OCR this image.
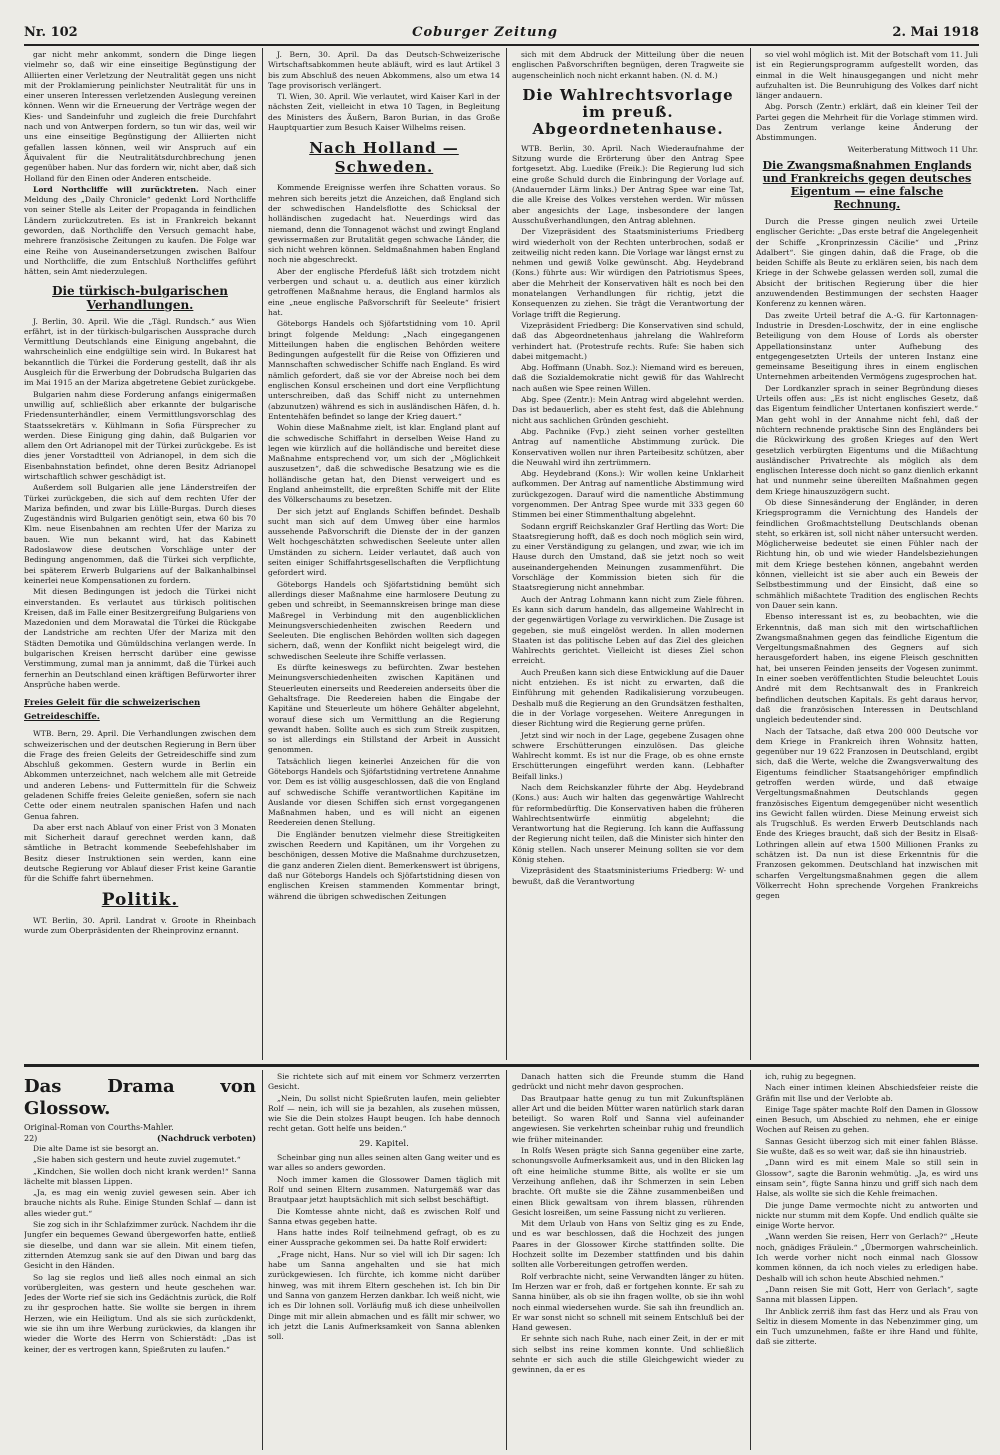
Nr. 102	Coburger Zeitung	2. Mai 1918

gar nicht mehr ankommt, sondern die Dinge liegen vielmehr so, daß wir eine einseitige Begünstigung der Alliierten einer Verletzung der Neutralität gegen uns nicht mit der Proklamierung peinlichster Neutralität für uns in einer unseren Interessen verletzenden Auslegung vereinen können. Wenn wir die Erneuerung der Verträge wegen der Kies- und Sandeinfuhr und zugleich die freie Durchfahrt nach und von Antwerpen fordern, so tun wir das, weil wir uns eine einseitige Begünstigung der Alliierten nicht gefallen lassen können, weil wir Anspruch auf ein Äquivalent für die Neutralitätsdurchbrechung jenen gegenüber haben. Nur das fordern wir, nicht aber, daß sich Holland für den Einen oder Anderen entscheide.

Lord Northcliffe will zurücktreten. Nach einer Meldung des „Daily Chronicle“ gedenkt Lord Northcliffe von seiner Stelle als Leiter der Propaganda in feindlichen Ländern zurückzutreten. Es ist in Frankreich bekannt geworden, daß Northcliffe den Versuch gemacht habe, mehrere französische Zeitungen zu kaufen. Die Folge war eine Reihe von Auseinandersetzungen zwischen Balfour und Northcliffe, die zum Entschluß Northcliffes geführt hätten, sein Amt niederzulegen.

Die türkisch-bulgarischen Verhandlungen.

J. Berlin, 30. April. Wie die „Tägl. Rundsch.“ aus Wien erfährt, ist in der türkisch-bulgarischen Aussprache durch Vermittlung Deutschlands eine Einigung angebahnt, die wahrscheinlich eine endgültige sein wird. In Bukarest hat bekanntlich die Türkei die Forderung gestellt, daß ihr als Ausgleich für die Erwerbung der Dobrudscha Bulgarien das im Mai 1915 an der Mariza abgetretene Gebiet zurückgebe.

Bulgarien nahm diese Forderung anfangs einigermaßen unwillig auf, schließlich aber erkannte der bulgarische Friedensunterhändler, einem Vermittlungsvorschlag des Staatssekretärs v. Kühlmann in Sofia Fürsprecher zu werden. Diese Einigung ging dahin, daß Bulgarien vor allem den Ort Adrianopel mit der Türkei zurückgebe. Es ist dies jener Vorstadtteil von Adrianopel, in dem sich die Eisenbahnstation befindet, ohne deren Besitz Adrianopel wirtschaftlich schwer geschädigt ist.

Außerdem soll Bulgarien alle jene Länderstreifen der Türkei zurückgeben, die sich auf dem rechten Ufer der Mariza befinden, und zwar bis Lülle-Burgas. Durch dieses Zugeständnis wird Bulgarien genötigt sein, etwa 60 bis 70 Klm. neue Eisenbahnen am rechten Ufer der Mariza zu bauen. Wie nun bekannt wird, hat das Kabinett Radoslawow diese deutschen Vorschläge unter der Bedingung angenommen, daß die Türkei sich verpflichte, bei späterem Erwerb Bulgariens auf der Balkanhalbinsel keinerlei neue Kompensationen zu fordern.

Mit diesen Bedingungen ist jedoch die Türkei nicht einverstanden. Es verlautet aus türkisch politischen Kreisen, daß im Falle einer Besitzergreifung Bulgariens von Mazedonien und dem Morawatal die Türkei die Rückgabe der Landstriche am rechten Ufer der Mariza mit den Städten Demotika und Gümüldschina verlangen werde. In bulgarischen Kreisen herrscht darüber eine gewisse Verstimmung, zumal man ja annimmt, daß die Türkei auch fernerhin an Deutschland einen kräftigen Befürworter ihrer Ansprüche haben werde.

Freies Geleit für die schweizerischen Getreideschiffe.

WTB. Bern, 29. April. Die Verhandlungen zwischen dem schweizerischen und der deutschen Regierung in Bern über die Frage des freien Geleits der Getreideschiffe sind zum Abschluß gekommen. Gestern wurde in Berlin ein Abkommen unterzeichnet, nach welchem alle mit Getreide und anderen Lebens- und Futtermitteln für die Schweiz geladenen Schiffe freies Geleite genießen, sofern sie nach Cette oder einem neutralen spanischen Hafen und nach Genua fahren.

Da aber erst nach Ablauf von einer Frist von 3 Monaten mit Sicherheit darauf gerechnet werden kann, daß sämtliche in Betracht kommende Seebefehlshaber im Besitz dieser Instruktionen sein werden, kann eine deutsche Regierung vor Ablauf dieser Frist keine Garantie für die Schiffe fahrt übernehmen.

Politik.

WT. Berlin, 30. April. Landrat v. Groote in Rheinbach wurde zum Oberpräsidenten der Rheinprovinz ernannt.

J. Bern, 30. April. Da das Deutsch-Schweizerische Wirtschaftsabkommen heute abläuft, wird es laut Artikel 3 bis zum Abschluß des neuen Abkommens, also um etwa 14 Tage provisorisch verlängert.

Tl. Wien, 30. April. Wie verlautet, wird Kaiser Karl in der nächsten Zeit, vielleicht in etwa 10 Tagen, in Begleitung des Ministers des Äußern, Baron Burian, in das Große Hauptquartier zum Besuch Kaiser Wilhelms reisen.

Nach Holland — Schweden.

Kommende Ereignisse werfen ihre Schatten voraus. So mehren sich bereits jetzt die Anzeichen, daß England sich der schwedischen Handelsflotte des Schicksal der holländischen zugedacht hat. Neuerdings wird das niemand, denn die Tonnagenot wächst und zwingt England gewissermaßen zur Brutalität gegen schwache Länder, die sich nicht wehren können. Seldmaßnahmen haben England noch nie abgeschreckt.

Aber der englische Pferdefuß läßt sich trotzdem nicht verbergen und schaut u. a. deutlich aus einer kürzlich getroffenen Maßnahme heraus, die England harmlos als eine „neue englische Paßvorschrift für Seeleute“ frisiert hat.

Göteborgs Handels och Sjöfartstidning vom 10. April bringt folgende Meldung: „Nach eingegangenen Mitteilungen haben die englischen Behörden weitere Bedingungen aufgestellt für die Reise von Offizieren und Mannschaften schwedischer Schiffe nach England. Es wird nämlich gefordert, daß sie vor der Abreise noch bei dem englischen Konsul erscheinen und dort eine Verpflichtung unterschreiben, daß das Schiff nicht zu unternehmen (abzunutzen) während es sich in ausländischen Häfen, d. h. Ententehäfen befindet so lange der Krieg dauert.“

Wohin diese Maßnahme zielt, ist klar. England plant auf die schwedische Schiffahrt in derselben Weise Hand zu legen wie kürzlich auf die holländische und bereitet diese Maßnahme entsprechend vor, um sich der „Möglichkeit auszusetzen“, daß die schwedische Besatzung wie es die holländische getan hat, den Dienst verweigert und es England anheimstellt, die erpreßten Schiffe mit der Elite des Völkerschaums zu besetzen.

Der sich jetzt auf Englands Schiffen befindet. Deshalb sucht man sich auf dem Umweg über eine harmlos aussehende Paßvorschrift die Dienste der in der ganzen Welt hochgeschätzten schwedischen Seeleute unter allen Umständen zu sichern. Leider verlautet, daß auch von seiten einiger Schiffahrtsgesellschaften die Verpflichtung gefordert wird.

Göteborgs Handels och Sjöfartstidning bemüht sich allerdings dieser Maßnahme eine harmlosere Deutung zu geben und schreibt, in Seemannskreisen bringe man diese Maßregel in Verbindung mit den augenblicklichen Meinungsverschiedenheiten zwischen Reedern und Seeleuten. Die englischen Behörden wollten sich dagegen sichern, daß, wenn der Konflikt nicht beigelegt wird, die schwedischen Seeleute ihre Schiffe verlassen.

Es dürfte keineswegs zu befürchten. Zwar bestehen Meinungsverschiedenheiten zwischen Kapitänen und Steuerleuten einerseits und Reedereien anderseits über die Gehaltsfrage. Die Reedereien haben die Eingabe der Kapitäne und Steuerleute um höhere Gehälter abgelehnt, worauf diese sich um Vermittlung an die Regierung gewandt haben. Sollte auch es sich zum Streik zuspitzen, so ist allerdings ein Stillstand der Arbeit in Aussicht genommen.

Tatsächlich liegen keinerlei Anzeichen für die von Göteborgs Handels och Sjöfartstidning vertretene Annahme vor. Dem es ist völlig ausgeschlossen, daß die von England auf schwedische Schiffe verantwortlichen Kapitäne im Auslande vor diesen Schiffen sich ernst vorgegangenen Maßnahmen haben, und es will nicht an eigenen Reedereien denen Stellung.

Die Engländer benutzen vielmehr diese Streitigkeiten zwischen Reedern und Kapitänen, um ihr Vorgehen zu beschönigen, dessen Motive die Maßnahme durchzusetzen, die ganz anderen Zielen dient. Bemerkenswert ist übrigens, daß nur Göteborgs Handels och Sjöfartstidning diesen von englischen Kreisen stammenden Kommentar bringt, während die übrigen schwedischen Zeitungen

sich mit dem Abdruck der Mitteilung über die neuen englischen Paßvorschriften begnügen, deren Tragweite sie augenscheinlich noch nicht erkannt haben. (N. d. M.)

Die Wahlrechtsvorlage im preuß. Abgeordnetenhause.

WTB. Berlin, 30. April. Nach Wiederaufnahme der Sitzung wurde die Erörterung über den Antrag Spee fortgesetzt. Abg. Luedike (Freik.): Die Regierung lud sich eine große Schuld durch die Einbringung der Vorlage auf. (Andauernder Lärm links.) Der Antrag Spee war eine Tat, die alle Kreise des Volkes verstehen werden. Wir müssen aber angesichts der Lage, insbesondere der langen Ausschußverhandlungen, den Antrag ablehnen.

Der Vizepräsident des Staatsministeriums Friedberg wird wiederholt von der Rechten unterbrochen, sodaß er zeitweilig nicht reden kann. Die Vorlage war längst ernst zu nehmen und gewiß Volke gewünscht. Abg. Heydebrand (Kons.) führte aus: Wir würdigen den Patriotismus Spees, aber die Mehrheit der Konservativen hält es noch bei den monatelangen Verhandlungen für richtig, jetzt die Konsequenzen zu ziehen. Sie trägt die Verantwortung der Vorlage trifft die Regierung.

Vizepräsident Friedberg: Die Konservativen sind schuld, daß das Abgeordnetenhaus jahrelang die Wahlreform verhindert hat. (Protestrufe rechts. Rufe: Sie haben sich dabei mitgemacht.)

Abg. Hoffmann (Unabh. Soz.): Niemand wird es bereuen, daß die Sozialdemokratie nicht gewiß für das Wahlrecht nach außen wie Spee reinen Willen.

Abg. Spee (Zentr.): Mein Antrag wird abgelehnt werden. Das ist bedauerlich, aber es steht fest, daß die Ablehnung nicht aus sachlichen Gründen geschieht.

Abg. Pachnike (Fvp.) zieht seinen vorher gestellten Antrag auf namentliche Abstimmung zurück. Die Konservativen wollen nur ihren Parteibesitz schützen, aber die Neuwahl wird ihn zertrümmern.

Abg. Heydebrand (Kons.): Wir wollen keine Unklarheit aufkommen. Der Antrag auf namentliche Abstimmung wird zurückgezogen. Darauf wird die namentliche Abstimmung vorgenommen. Der Antrag Spee wurde mit 333 gegen 60 Stimmen bei einer Stimmenthaltung abgelehnt.

Sodann ergriff Reichskanzler Graf Hertling das Wort: Die Staatsregierung hofft, daß es doch noch möglich sein wird, zu einer Verständigung zu gelangen, und zwar, wie ich im Hause durch den Umstand, daß sie jetzt noch so weit auseinandergehenden Meinungen zusammenführt. Die Vorschläge der Kommission bieten sich für die Staatsregierung nicht annehmbar.

Auch der Antrag Lohmann kann nicht zum Ziele führen. Es kann sich darum handeln, das allgemeine Wahlrecht in der gegenwärtigen Vorlage zu verwirklichen. Die Zusage ist gegeben, sie muß eingelöst werden. In allen modernen Staaten ist das politische Leben auf das Ziel des gleichen Wahlrechts gerichtet. Vielleicht ist dieses Ziel schon erreicht.

Auch Preußen kann sich diese Entwicklung auf die Dauer nicht entziehen. Es ist nicht zu erwarten, daß die Einführung mit gehenden Radikalisierung vorzubeugen. Deshalb muß die Regierung an den Grundsätzen festhalten, die in der Vorlage vorgesehen. Weitere Anregungen in dieser Richtung wird die Regierung gerne prüfen.

Jetzt sind wir noch in der Lage, gegebene Zusagen ohne schwere Erschütterungen einzulösen. Das gleiche Wahlrecht kommt. Es ist nur die Frage, ob es ohne ernste Erschütterungen eingeführt werden kann. (Lebhafter Beifall links.)

Nach dem Reichskanzler führte der Abg. Heydebrand (Kons.) aus: Auch wir halten das gegenwärtige Wahlrecht für reformbedürftig. Die Konservativen haben die früheren Wahlrechtsentwürfe einmütig abgelehnt; die Verantwortung hat die Regierung. Ich kann die Auffassung der Regierung nicht teilen, daß die Minister sich hinter den König stellen. Nach unserer Meinung sollten sie vor dem König stehen.

Vizepräsident des Staatsministeriums Friedberg: W- und bewußt, daß die Verantwortung

so viel wohl möglich ist. Mit der Botschaft vom 11. Juli ist ein Regierungsprogramm aufgestellt worden, das einmal in die Welt hinausgegangen und nicht mehr aufzuhalten ist. Die Beunruhigung des Volkes darf nicht länger andauern.

Abg. Porsch (Zentr.) erklärt, daß ein kleiner Teil der Partei gegen die Mehrheit für die Vorlage stimmen wird. Das Zentrum verlange keine Änderung der Abstimmungen.

Weiterberatung Mittwoch 11 Uhr.

Die Zwangsmaßnahmen Englands und Frankreichs gegen deutsches Eigentum — eine falsche Rechnung.

Durch die Presse gingen neulich zwei Urteile englischer Gerichte: „Das erste betraf die Angelegenheit der Schiffe „Kronprinzessin Cäcilie“ und „Prinz Adalbert“. Sie gingen dahin, daß die Frage, ob die beiden Schiffe als Beute zu erklären seien, bis nach dem Kriege in der Schwebe gelassen werden soll, zumal die Absicht der britischen Regierung über die hier anzuwendenden Bestimmungen der sechsten Haager Konferenz zu kennen wären.

Das zweite Urteil betraf die A.-G. für Kartonnagen-Industrie in Dresden-Loschwitz, der in eine englische Beteiligung von dem House of Lords als oberster Appellationsinstanz unter Aufhebung des entgegengesetzten Urteils der unteren Instanz eine gemeinsame Beseitigung ihres in einem englischen Unternehmen arbeitenden Vermögens zugesprochen hat.

Der Lordkanzler sprach in seiner Begründung dieses Urteils offen aus: „Es ist nicht englisches Gesetz, daß das Eigentum feindlicher Untertanen konfisziert werde.“ Man geht wohl in der Annahme nicht fehl, daß der nüchtern rechnende praktische Sinn des Engländers bei die Rückwirkung des großen Krieges auf den Wert gesetzlich verbürgten Eigentums und die Mißachtung ausländischer Privatrechte als möglich als dem englischen Interesse doch nicht so ganz dienlich erkannt hat und nunmehr seine übereilten Maßnahmen gegen dem Kriege hinauszuzögern sucht.

Ob diese Sinnesänderung der Engländer, in deren Kriegsprogramm die Vernichtung des Handels der feindlichen Großmachtstellung Deutschlands obenan steht, so erkären ist, soll nicht näher untersucht werden. Möglicherweise bedeutet sie einen Fühler nach der Richtung hin, ob und wie wieder Handelsbeziehungen mit dem Kriege bestehen können, angebahnt werden können, vielleicht ist sie aber auch ein Beweis der Selbstbestimmung und der Einsicht, daß eine so schmählich mißachtete Tradition des englischen Rechts von Dauer sein kann.

Ebenso interessant ist es, zu beobachten, wie die Erkenntnis, daß man sich mit den wirtschaftlichen Zwangsmaßnahmen gegen das feindliche Eigentum die Vergeltungsmaßnahmen des Gegners auf sich herausgefordert haben, ins eigene Fleisch geschnitten hat, bei unseren Feinden jenseits der Vogesen zunimmt. In einer soeben veröffentlichten Studie beleuchtet Louis André mit dem Rechtsanwalt des in Frankreich befindlichen deutschen Kapitals. Es geht daraus hervor, daß die französischen Interessen in Deutschland ungleich bedeutender sind.

Nach der Tatsache, daß etwa 200 000 Deutsche vor dem Kriege in Frankreich ihren Wohnsitz hatten, gegenüber nur 19 622 Franzosen in Deutschland, ergibt sich, daß die Werte, welche die Zwangsverwaltung des Eigentums feindlicher Staatsangehöriger empfindlich getroffen werden würde, und daß etwaige Vergeltungsmaßnahmen Deutschlands gegen französisches Eigentum demgegenüber nicht wesentlich ins Gewicht fallen würden. Diese Meinung erweist sich als Trugschluß. Es werden Erwerb Deutschlands nach Ende des Krieges braucht, daß sich der Besitz in Elsaß-Lothringen allein auf etwa 1500 Millionen Franks zu schätzen ist. Da nun ist diese Erkenntnis für die Franzosen gekommen. Deutschland hat inzwischen mit scharfen Vergeltungsmaßnahmen gegen die allem Völkerrecht Hohn sprechende Vorgehen Frankreichs gegen

Das Drama von Glossow.
Original-Roman von Courths-Mahler.
22)	(Nachdruck verboten)

Die alte Dame ist sie besorgt an.

„Sie haben sich gestern und heute zuviel zugemutet.“

„Kindchen, Sie wollen doch nicht krank werden!“ Sanna lächelte mit blassen Lippen.

„Ja, es mag ein wenig zuviel gewesen sein. Aber ich brauche nichts als Ruhe. Einige Stunden Schlaf — dann ist alles wieder gut.“

Sie zog sich in ihr Schlafzimmer zurück. Nachdem ihr die Jungfer ein bequemes Gewand übergeworfen hatte, entließ sie dieselbe, und dann war sie allein. Mit einem tiefen, zitternden Atemzug sank sie auf den Diwan und barg das Gesicht in den Händen.

So lag sie reglos und ließ alles noch einmal an sich vorübergleiten, was gestern und heute geschehen war. Jedes der Worte rief sie sich ins Gedächtnis zurück, die Rolf zu ihr gesprochen hatte. Sie wollte sie bergen in ihrem Herzen, wie ein Heiligtum. Und als sie sich zurückdenkt, wie sie ihn um ihre Werbung zurückwies, da klangen ihr wieder die Worte des Herrn von Schierstädt: „Das ist keiner, der es vertrogen kann, Spießruten zu laufen.“

Sie richtete sich auf mit einem vor Schmerz verzerrten Gesicht.

„Nein, Du sollst nicht Spießruten laufen, mein geliebter Rolf — nein, ich will sie ja bezahlen, als zusehen müssen, wie Sie die Dein stolzes Haupt beugen. Ich habe dennoch recht getan. Gott helfe uns beiden.“

29. Kapitel.

Scheinbar ging nun alles seinen alten Gang weiter und es war alles so anders geworden.

Noch immer kamen die Glossower Damen täglich mit Rolf und seinen Eltern zusammen. Naturgemäß war das Brautpaar jetzt hauptsächlich mit sich selbst beschäftigt.

Die Komtesse ahnte nicht, daß es zwischen Rolf und Sanna etwas gegeben hatte.

Hans hatte indes Rolf teilnehmend gefragt, ob es zu einer Aussprache gekommen sei. Da hatte Rolf erwidert:

„Frage nicht, Hans. Nur so viel will ich Dir sagen: Ich habe um Sanna angehalten und sie hat mich zurückgewiesen. Ich fürchte, ich komme nicht darüber hinweg, was mit ihrem Eltern geschehen ist. Ich bin Dir und Sanna von ganzem Herzen dankbar. Ich weiß nicht, wie ich es Dir lohnen soll. Vorläufig muß ich diese unheilvollen Dinge mit mir allein abmachen und es fällt mir schwer, wo ich jetzt die Lanis Aufmerksamkeit von Sanna ablenken soll.

Danach hatten sich die Freunde stumm die Hand gedrückt und nicht mehr davon gesprochen.

Das Brautpaar hatte genug zu tun mit Zukunftsplänen aller Art und die beiden Mütter waren natürlich stark daran beteiligt. So waren Rolf und Sanna viel aufeinander angewiesen. Sie verkehrten scheinbar ruhig und freundlich wie früher miteinander.

In Rolfs Wesen prägte sich Sanna gegenüber eine zarte, schonungsvolle Aufmerksamkeit aus, und in den Blicken lag oft eine heimliche stumme Bitte, als wollte er sie um Verzeihung anflehen, daß ihr Schmerzen in sein Leben brachte. Oft mußte sie die Zähne zusammenbeißen und einen Blick gewaltsam von ihrem blassen, rührenden Gesicht losreißen, um seine Fassung nicht zu verlieren.

Mit dem Urlaub von Hans von Seltiz ging es zu Ende, und es war beschlossen, daß die Hochzeit des jungen Paares in der Glossower Kirche stattfinden sollte. Die Hochzeit sollte im Dezember stattfinden und bis dahin sollten alle Vorbereitungen getroffen werden.

Rolf verbrachte nicht, seine Verwandten länger zu hüten. Im Herzen war er froh, daß er fortgehen konnte. Er sah zu Sanna hinüber, als ob sie ihn fragen wollte, ob sie ihn wohl noch einmal wiedersehen wurde. Sie sah ihn freundlich an. Er war sonst nicht so schnell mit seinem Entschluß bei der Hand gewesen.

Er sehnte sich nach Ruhe, nach einer Zeit, in der er mit sich selbst ins reine kommen konnte. Und schließlich sehnte er sich auch die stille Gleichgewicht wieder zu gewinnen, da er es

ich, ruhig zu begegnen.

Nach einer intimen kleinen Abschiedsfeier reiste die Gräfin mit Ilse und der Verlobte ab.

Einige Tage später machte Rolf den Damen in Glossow einen Besuch, um Abschied zu nehmen, ehe er einige Wochen auf Reisen zu gehen.

Sannas Gesicht überzog sich mit einer fahlen Blässe. Sie wußte, daß es so weit war, daß sie ihn hinaustrieb.

„Dann wird es mit einem Male so still sein in Glossow“, sagte die Baronin wehmütig. „Ja, es wird uns einsam sein“, fügte Sanna hinzu und griff sich nach dem Halse, als wollte sie sich die Kehle freimachen.

Die junge Dame vermochte nicht zu antworten und nickte nur stumm mit dem Kopfe. Und endlich quälte sie einige Worte hervor.

„Wann werden Sie reisen, Herr von Gerlach?“ „Heute noch, gnädiges Fräulein.“ „Übermorgen wahrscheinlich. Ich werde vorher nicht noch einmal nach Glossow kommen können, da ich noch vieles zu erledigen habe. Deshalb will ich schon heute Abschied nehmen.“

„Dann reisen Sie mit Gott, Herr von Gerlach“, sagte Sanna mit blassen Lippen.

Ihr Anblick zerriß ihm fast das Herz und als Frau von Seltiz in diesem Momente in das Nebenzimmer ging, um ein Tuch umzunehmen, faßte er ihre Hand und fühlte, daß sie zitterte.
